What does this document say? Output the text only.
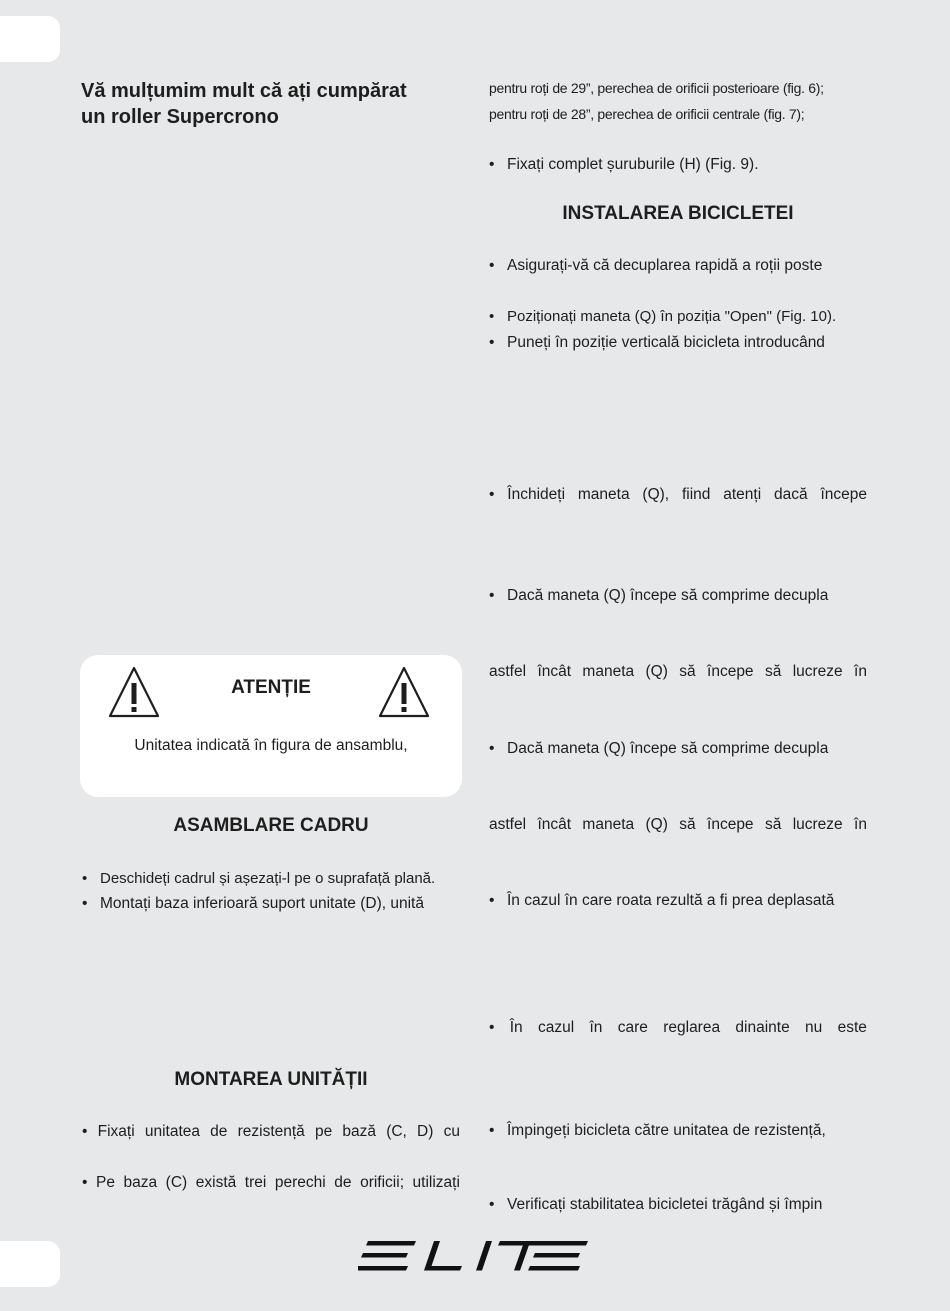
Vă mulțumim mult că ați cumpărat
un roller Supercrono
ATENȚIE
Unitatea indicată în figura de ansamblu,
ASAMBLARE CADRU
• Deschideți cadrul și așezați-l pe o suprafață plană.
• Montați baza inferioară suport unitate (D), unită
MONTAREA UNITĂȚII
• Fixați unitatea de rezistență pe bază (C, D) cu
• Pe baza (C) există trei perechi de orificii; utilizați
pentru roți de 29”, perechea de orificii posterioare (fig. 6);
pentru roți de 28”, perechea de orificii centrale (fig. 7);
• Fixați complet șuruburile (H) (Fig. 9).
INSTALAREA BICICLETEI
• Asigurați-vă că decuplarea rapidă a roții poste
• Poziționați maneta (Q) în poziția "Open" (Fig. 10).
• Puneți în poziție verticală bicicleta introducând
• Închideți maneta (Q), fiind atenți dacă începe
• Dacă maneta (Q) începe să comprime decupla
astfel încât maneta (Q) să începe să lucreze în
• Dacă maneta (Q) începe să comprime decupla
astfel încât maneta (Q) să începe să lucreze în
• În cazul în care roata rezultă a fi prea deplasată
• În cazul în care reglarea dinainte nu este
• Împingeți bicicleta către unitatea de rezistență,
• Verificați stabilitatea bicicletei trăgând și împin
